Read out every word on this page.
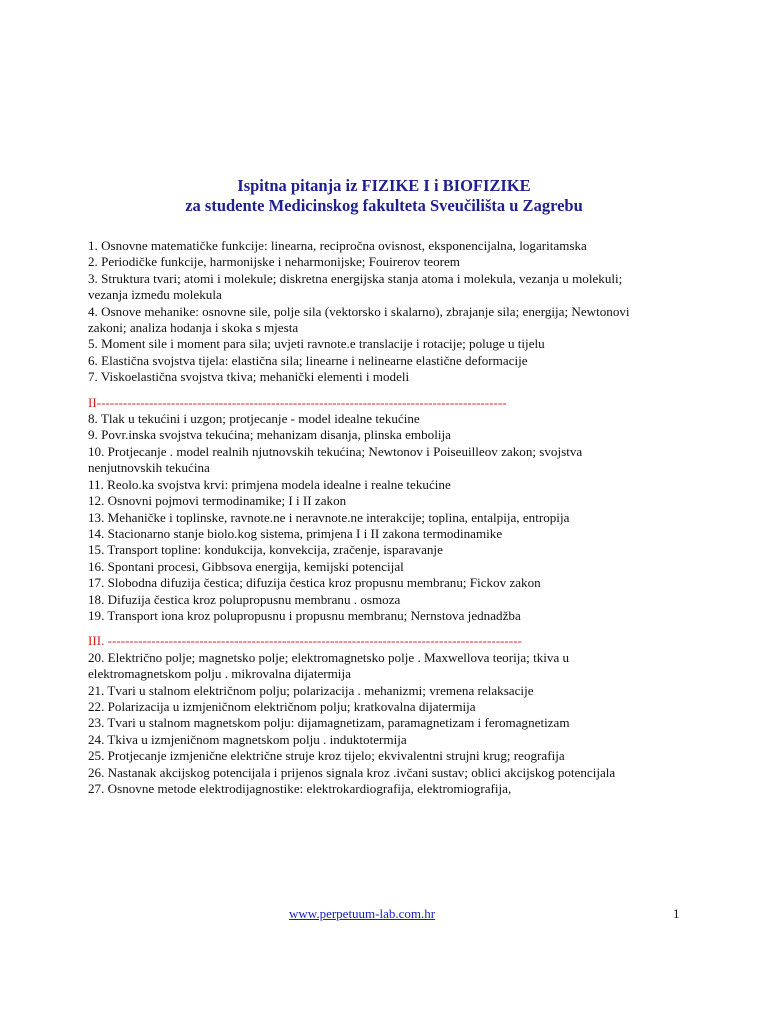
Ispitna pitanja iz FIZIKE I i BIOFIZIKE
za studente Medicinskog fakulteta Sveučilišta u Zagrebu

1. Osnovne matematičke funkcije: linearna, recipročna ovisnost, eksponencijalna, logaritamska

2. Periodičke funkcije, harmonijske i neharmonijske; Fouirerov teorem

3. Struktura tvari; atomi i molekule; diskretna energijska stanja atoma i molekula, vezanja u molekuli; vezanja između molekula

4. Osnove mehanike: osnovne sile, polje sila (vektorsko i skalarno), zbrajanje sila; energija; Newtonovi zakoni; analiza hodanja i skoka s mjesta

5. Moment sile i moment para sila; uvjeti ravnote.e translacije i rotacije; poluge u tijelu

6. Elastična svojstva tijela: elastična sila; linearne i nelinearne elastične deformacije

7. Viskoelastična svojstva tkiva; mehanički elementi i modeli

II----------------------------------------------------------------------------------------------

8. Tlak u tekućini i uzgon; protjecanje - model idealne tekućine

9. Povr.inska svojstva tekućina; mehanizam disanja, plinska embolija

10. Protjecanje . model realnih njutnovskih tekućina; Newtonov i Poiseuilleov zakon; svojstva nenjutnovskih tekućina

11. Reolo.ka svojstva krvi: primjena modela idealne i realne tekućine

12. Osnovni pojmovi termodinamike; I i II zakon

13. Mehaničke i toplinske, ravnote.ne i neravnote.ne interakcije; toplina, entalpija, entropija

14. Stacionarno stanje biolo.kog sistema, primjena I i II zakona termodinamike

15. Transport topline: kondukcija, konvekcija, zračenje, isparavanje

16. Spontani procesi, Gibbsova energija, kemijski potencijal

17. Slobodna difuzija čestica; difuzija čestica kroz propusnu membranu; Fickov zakon

18. Difuzija čestica kroz polupropusnu membranu . osmoza

19. Transport iona kroz polupropusnu i propusnu membranu; Nernstova jednadžba

III. -----------------------------------------------------------------------------------------------

20. Električno polje; magnetsko polje; elektromagnetsko polje . Maxwellova teorija; tkiva u elektromagnetskom polju . mikrovalna dijatermija

21. Tvari u stalnom električnom polju; polarizacija . mehanizmi; vremena relaksacije

22. Polarizacija u izmjeničnom električnom polju; kratkovalna dijatermija

23. Tvari u stalnom magnetskom polju: dijamagnetizam, paramagnetizam i feromagnetizam

24. Tkiva u izmjeničnom magnetskom polju . induktotermija

25. Protjecanje izmjenične električne struje kroz tijelo; ekvivalentni strujni krug; reografija

26. Nastanak akcijskog potencijala i prijenos signala kroz .ivčani sustav; oblici akcijskog potencijala

27. Osnovne metode elektrodijagnostike: elektrokardiografija, elektromiografija,

www.perpetuum-lab.com.hr	1
